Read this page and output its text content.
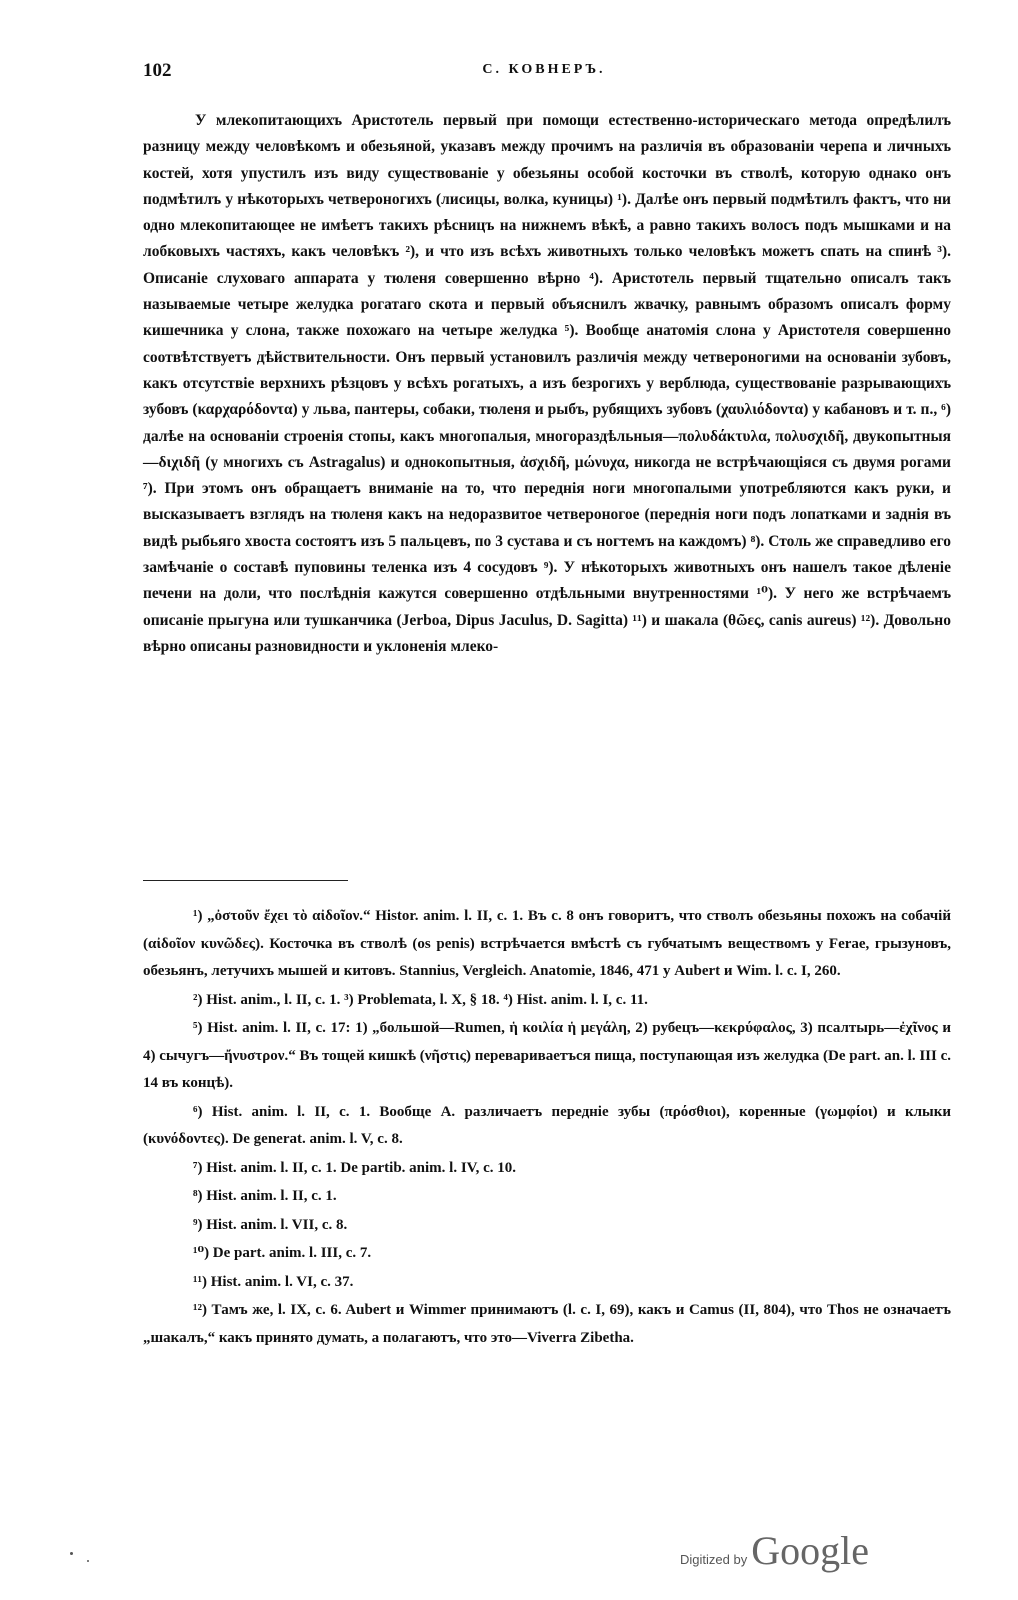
102	С. КОВНЕРЪ.

У млекопитающихъ Аристотель первый при помощи естественно-историческаго метода опредѣлилъ разницу между человѣкомъ и обезьяной, указавъ между прочимъ на различія въ образованіи черепа и личныхъ костей, хотя упустилъ изъ виду существованіе у обезьяны особой косточки въ стволѣ, которую однако онъ подмѣтилъ у нѣкоторыхъ четвероногихъ (лисицы, волка, куницы) ¹). Далѣе онъ первый подмѣтилъ фактъ, что ни одно млекопитающее не имѣетъ такихъ рѣсницъ на нижнемъ вѣкѣ, а равно такихъ волосъ подъ мышками и на лобковыхъ частяхъ, какъ человѣкъ ²), и что изъ всѣхъ животныхъ только человѣкъ можетъ спать на спинѣ ³). Описаніе слуховаго аппарата у тюленя совершенно вѣрно ⁴). Аристотель первый тщательно описалъ такъ называемые четыре желудка рогатаго скота и первый объяснилъ жвачку, равнымъ образомъ описалъ форму кишечника у слона, также похожаго на четыре желудка ⁵). Вообще анатомія слона у Аристотеля совершенно соотвѣтствуетъ дѣйствительности. Онъ первый установилъ различія между четвероногими на основаніи зубовъ, какъ отсутствіе верхнихъ рѣзцовъ у всѣхъ рогатыхъ, а изъ безрогихъ у верблюда, существованіе разрывающихъ зубовъ (καρχαρόδοντα) у льва, пантеры, собаки, тюленя и рыбъ, рубящихъ зубовъ (χαυλιόδοντα) у кабановъ и т. п., ⁶) далѣе на основаніи строенія стопы, какъ многопалыя, многораздѣльныя—πολυδάκτυλα, πολυσχιδῆ, двукопытныя—διχιδῆ (у многихъ съ Astragalus) и однокопытныя, ἀσχιδῆ, μώνυχα, никогда не встрѣчающіяся съ двумя рогами ⁷). При этомъ онъ обращаетъ вниманіе на то, что переднія ноги многопалыми употребляются какъ руки, и высказываетъ взглядъ на тюленя какъ на недоразвитое четвероногое (переднія ноги подъ лопатками и заднія въ видѣ рыбьяго хвоста состоятъ изъ 5 пальцевъ, по 3 сустава и съ ногтемъ на каждомъ) ⁸). Столь же справедливо его замѣчаніе о составѣ пуповины теленка изъ 4 сосудовъ ⁹). У нѣкоторыхъ животныхъ онъ нашелъ такое дѣленіе печени на доли, что послѣднія кажутся совершенно отдѣльными внутренностями ¹⁰). У него же встрѣчаемъ описаніе прыгуна или тушканчика (Jerboa, Dipus Jaculus, D. Sagitta) ¹¹) и шакала (θῶες, canis aureus) ¹²). Довольно вѣрно описаны разновидности и уклоненія млеко-

¹) „ὀστοῦν ἔχει τὸ αἰδοῖον.“ Histor. anim. l. II, c. 1. Въ с. 8 онъ говоритъ, что стволъ обезьяны похожъ на собачій (αἰδοῖον κυνῶδες). Косточка въ стволѣ (os penis) встрѣчается вмѣстѣ съ губчатымъ веществомъ у Ferae, грызуновъ, обезьянъ, летучихъ мышей и китовъ. Stannius, Vergleich. Anatomie, 1846, 471 у Aubert и Wim. l. c. I, 260.

²) Hist. anim., l. II, c. 1. ³) Problemata, l. X, § 18. ⁴) Hist. anim. l. I, c. 11.

⁵) Hist. anim. l. II, c. 17: 1) „большой—Rumen, ἡ κοιλία ἡ μεγάλη, 2) рубецъ—κεκρύφαλος, 3) псалтырь—ἐχῖνος и 4) сычугъ—ἤνυστρον.“ Въ тощей кишкѣ (νῆστις) перевариваетъся пища, поступающая изъ желудка (De part. an. l. III c. 14 въ концѣ).

⁶) Hist. anim. l. II, c. 1. Вообще А. различаетъ переднiе зубы (πρόσθιοι), коренные (γωμφίοι) и клыки (κυνόδοντες). De generat. anim. l. V, c. 8.

⁷) Hist. anim. l. II, c. 1. De partib. anim. l. IV, c. 10.

⁸) Hist. anim. l. II, c. 1.

⁹) Hist. anim. l. VII, c. 8.

¹⁰) De part. anim. l. III, c. 7.

¹¹) Hist. anim. l. VI, c. 37.

¹²) Тамъ же, l. IX, c. 6. Aubert и Wimmer принимаютъ (l. c. I, 69), какъ и Camus (II, 804), что Thos не означаетъ „шакалъ,“ какъ принято думать, а полагаютъ, что это—Viverra Zibetha.

Digitized by Google
